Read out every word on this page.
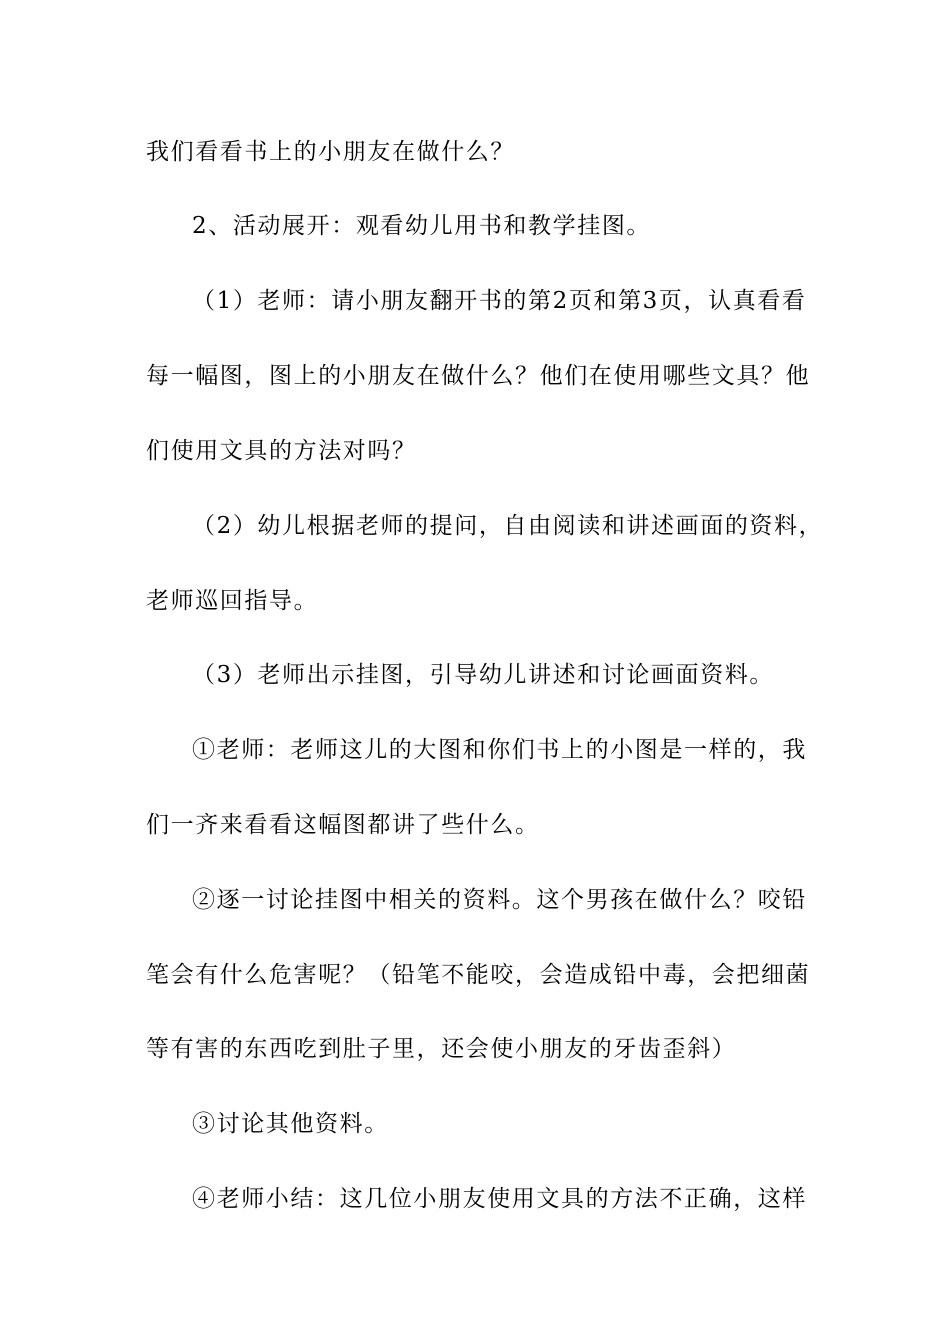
我们看看书上的小朋友在做什么？
2、活动展开：观看幼儿用书和教学挂图。
（1）老师：请小朋友翻开书的第2页和第3页，认真看看
每一幅图，图上的小朋友在做什么？他们在使用哪些文具？他
们使用文具的方法对吗？
（2）幼儿根据老师的提问，自由阅读和讲述画面的资料，
老师巡回指导。
（3）老师出示挂图，引导幼儿讲述和讨论画面资料。
①老师：老师这儿的大图和你们书上的小图是一样的，我
们一齐来看看这幅图都讲了些什么。
②逐一讨论挂图中相关的资料。这个男孩在做什么？咬铅
笔会有什么危害呢？（铅笔不能咬，会造成铅中毒，会把细菌
等有害的东西吃到肚子里，还会使小朋友的牙齿歪斜）
③讨论其他资料。
④老师小结：这几位小朋友使用文具的方法不正确，这样
